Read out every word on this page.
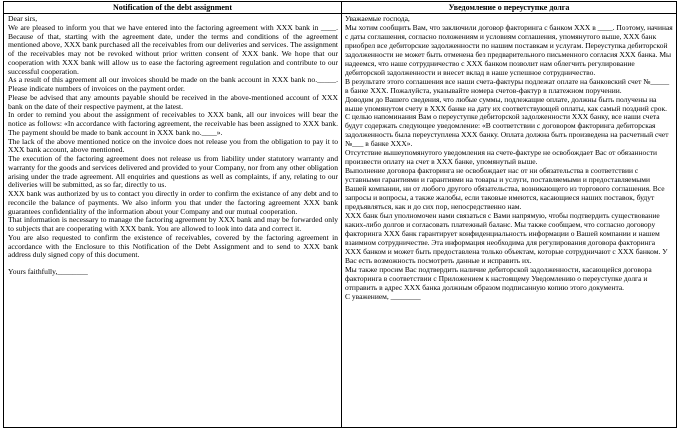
Notification of the debt assignment

Dear sirs,

We are pleased to inform you that we have entered into the factoring agreement with XXX bank in ____. Because of that, starting with the agreement date, under the terms and conditions of the agreement mentioned above, XXX bank purchased all the receivables from our deliveries and services. The assignment of the receivables may not be revoked without prior written consent of XXX bank. We hope that our cooperation with XXX bank will allow us to ease the factoring agreement regulation and contribute to our successful cooperation.

As a result of this agreement all our invoices should be made on the bank account in XXX bank no._____. Please indicate numbers of invoices on the payment order.

Please be advised that any amounts payable should be received in the above-mentioned account of XXX bank on the date of their respective payment, at the latest.

In order to remind you about the assignment of receivables to XXX bank, all our invoices will bear the notice as follows: «In accordance with factoring agreement, the receivable has been assigned to XXX bank. The payment should be made to bank account in XXX bank no.____».

The lack of the above mentioned notice on the invoice does not release you from the obligation to pay it to XXX bank account, above mentioned.

The execution of the factoring agreement does not release us from liability under statutory warranty and warranty for the goods and services delivered and provided to your Company, nor from any other obligation arising under the trade agreement. All enquiries and questions as well as complaints, if any, relating to our deliveries will be submitted, as so far, directly to us.

XXX bank was authorized by us to contact you directly in order to confirm the existance of any debt and to reconcile the balance of payments. We also inform you that under the factoring agreement XXX bank guarantees confidentiality of the information about your Company and our mutual cooperation.

That information is necessary to manage the factoring agreement by XXX bank and may be forwarded only to subjects that are cooperating with XXX bank. You are allowed to look into data and correct it.

You are also requested to confirm the existence of receivables, covered by the factoring agreement in accordance with the Enclosure to this Notification of the Debt Assignment and to send to XXX bank address duly signed copy of this document.

Yours faithfully,________

Уведомление о переуступке долга

Уважаемые господа,

Мы хотим сообщить Вам, что заключили договор факторинга с банком XXX в ____. Поэтому, начиная с даты соглашения, согласно положениям и условиям соглашения, упомянутого выше, XXX банк приобрел все дебиторские задолженности по нашим поставкам и услугам. Переуступка дебиторской задолженности не может быть отменена без предварительного письменного согласия XXX банка. Мы надеемся, что наше сотрудничество с XXX банком позволит нам облегчить регулирование дебиторской задолженности и внесет вклад в наше успешное сотрудничество.

В результате этого соглашения все наши счета-фактуры подлежат оплате на банковский счет №_____ в банке XXX. Пожалуйста, указывайте номера счетов-фактур в платежном поручении.

Доводим до Вашего сведения, что любые суммы, подлежащие оплате, должны быть получены на выше упомянутом счету в XXX банке на дату их соответствующей оплаты, как самый поздний срок.

С целью напоминания Вам о переуступке дебиторской задолженности XXX банку, все наши счета будут содержать следующее уведомление: «В соответствии с договором факторинга дебиторская задолженность была переуступлена XXX банку. Оплата должна быть произведена на расчетный счет №___ в банке XXX».

Отсутствие вышеупомянутого уведомления на счете-фактуре не освобождает Вас от обязанности произвести оплату на счет в XXX банке, упомянутый выше.

Выполнение договора факторинга не освобождает нас от ни обязательства в соответствии с уставными гарантиями и гарантиями на товары и услуги, поставляемыми и предоставляемыми Вашей компании, ни от любого другого обязательства, возникающего из торгового соглашения. Все запросы и вопросы, а также жалобы, если таковые имеются, касающиеся наших поставок, будут предъявляться, как и до сих пор, непосредственно нам.

XXX банк был уполномочен нами связаться с Вами напрямую, чтобы подтвердить существование каких-либо долгов и согласовать платежный баланс. Мы также сообщаем, что согласно договору факторинга XXX банк гарантирует конфиденциальность информации о Вашей компании и нашем взаимном сотрудничестве. Эта информация необходима для регулирования договора факторинга XXX банком и может быть предоставлена только объектам, которые сотрудничают с XXX банком. У Вас есть возможность посмотреть данные и исправить их.

Мы также просим Вас подтвердить наличие дебиторской задолженности, касающейся договора факторинга в соответствии с Приложением к настоящему Уведомлению о переуступке долга и отправить в адрес XXX банка должным образом подписанную копию этого документа.

С уважением, ________
